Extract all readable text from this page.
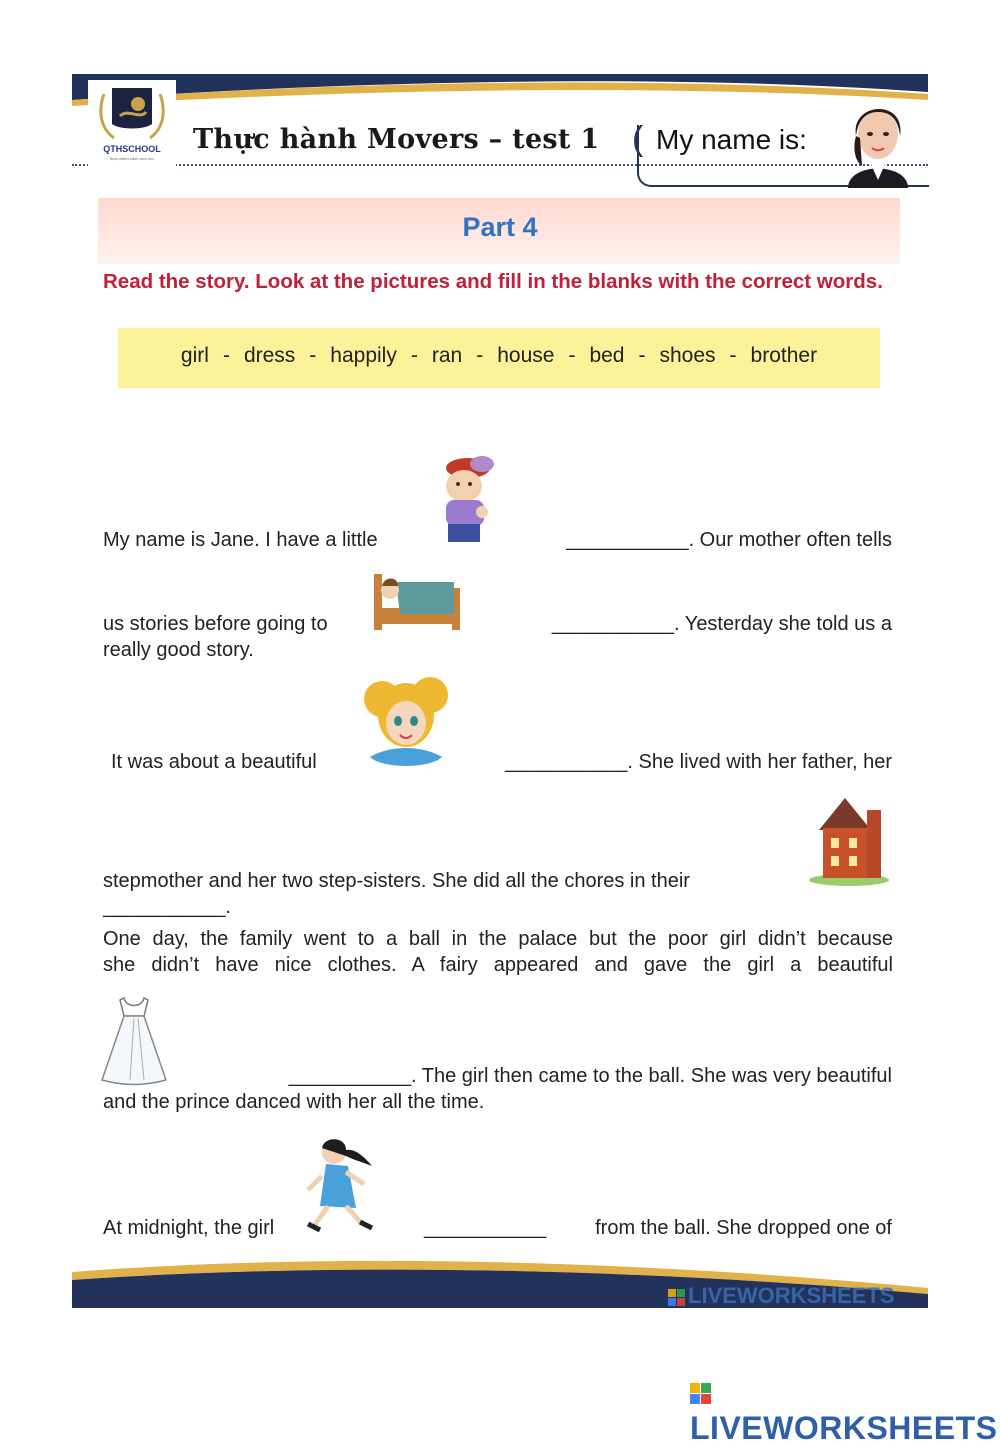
QTHSCHOOL
thực chiến cánh ước mơ
Thực hành Movers – test 1 ( My name is:
Part 4
Read the story. Look at the pictures and fill in the blanks with the correct words.
girl - dress - happily - ran - house - bed - shoes - brother
My name is Jane. I have a little	___________. Our mother often tells
us stories before going to	___________. Yesterday she told us a
really good story.
It was about a beautiful	___________. She lived with her father, her
stepmother and her two step-sisters. She did all the chores in their
___________.
One day, the family went to a ball in the palace but the poor girl didn’t because
she didn’t have nice clothes. A fairy appeared and gave the girl a beautiful
___________. The girl then came to the ball. She was very beautiful
and the prince danced with her all the time.
At midnight, the girl	___________	from the ball. She dropped one of
LIVEWORKSHEETS
LIVEWORKSHEETS
